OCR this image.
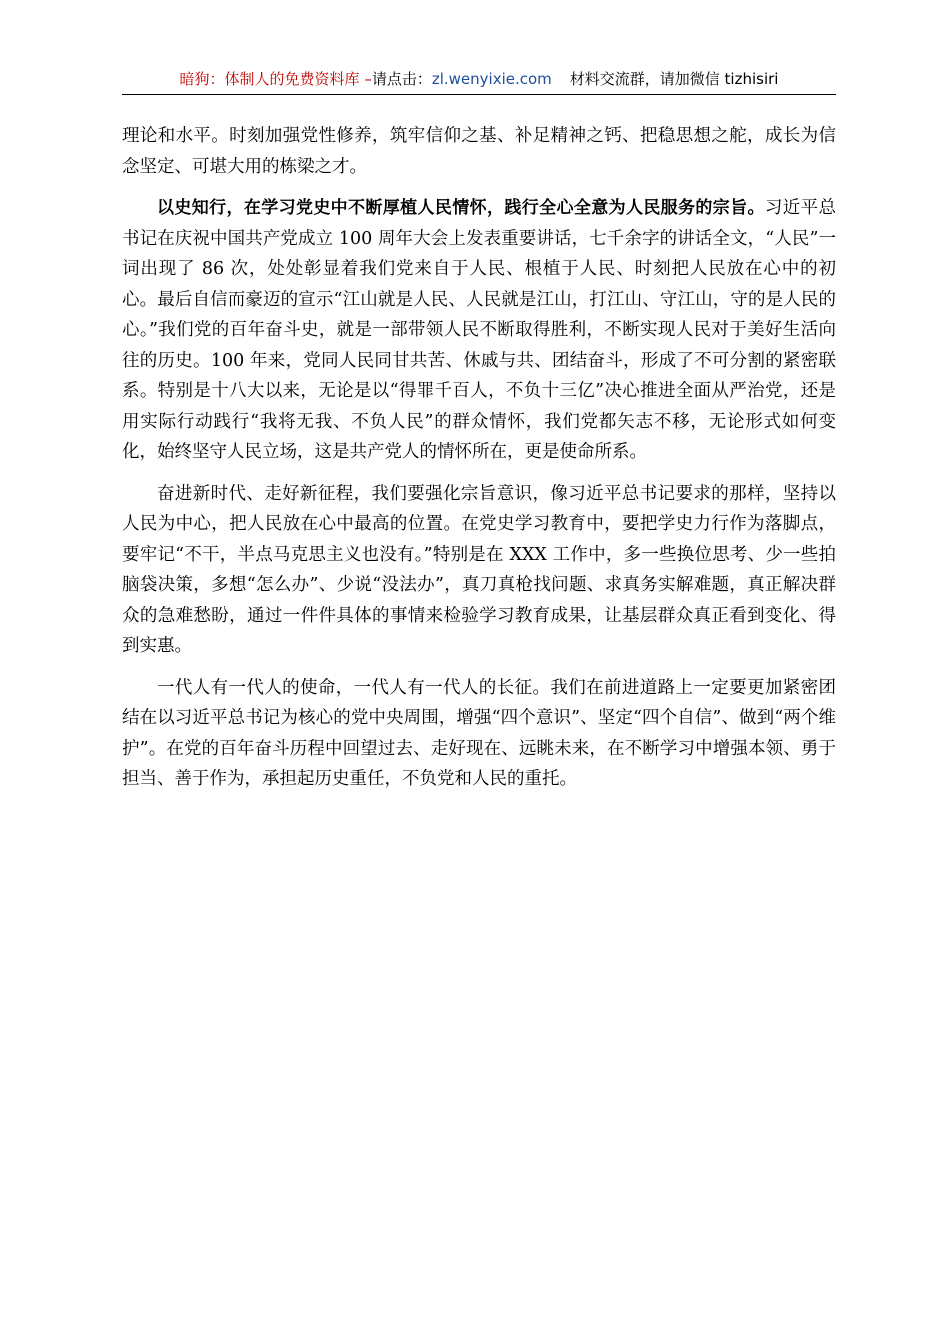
暗狗：体制人的免费资料库 –请点击：zl.wenyixie.com 材料交流群，请加微信 tizhisiri

理论和水平。时刻加强党性修养，筑牢信仰之基、补足精神之钙、把稳思想之舵，成长为信念坚定、可堪大用的栋梁之才。

以史知行，在学习党史中不断厚植人民情怀，践行全心全意为人民服务的宗旨。习近平总书记在庆祝中国共产党成立 100 周年大会上发表重要讲话，七千余字的讲话全文，“人民”一词出现了 86 次，处处彰显着我们党来自于人民、根植于人民、时刻把人民放在心中的初心。最后自信而豪迈的宣示“江山就是人民、人民就是江山，打江山、守江山，守的是人民的心。”我们党的百年奋斗史，就是一部带领人民不断取得胜利，不断实现人民对于美好生活向往的历史。100 年来，党同人民同甘共苦、休戚与共、团结奋斗，形成了不可分割的紧密联系。特别是十八大以来，无论是以“得罪千百人，不负十三亿”决心推进全面从严治党，还是用实际行动践行“我将无我、不负人民”的群众情怀，我们党都矢志不移，无论形式如何变化，始终坚守人民立场，这是共产党人的情怀所在，更是使命所系。

奋进新时代、走好新征程，我们要强化宗旨意识，像习近平总书记要求的那样，坚持以人民为中心，把人民放在心中最高的位置。在党史学习教育中，要把学史力行作为落脚点，要牢记“不干，半点马克思主义也没有。”特别是在 XXX 工作中，多一些换位思考、少一些拍脑袋决策，多想“怎么办”、少说“没法办”，真刀真枪找问题、求真务实解难题，真正解决群众的急难愁盼，通过一件件具体的事情来检验学习教育成果，让基层群众真正看到变化、得到实惠。

一代人有一代人的使命，一代人有一代人的长征。我们在前进道路上一定要更加紧密团结在以习近平总书记为核心的党中央周围，增强“四个意识”、坚定“四个自信”、做到“两个维护”。在党的百年奋斗历程中回望过去、走好现在、远眺未来，在不断学习中增强本领、勇于担当、善于作为，承担起历史重任，不负党和人民的重托。
